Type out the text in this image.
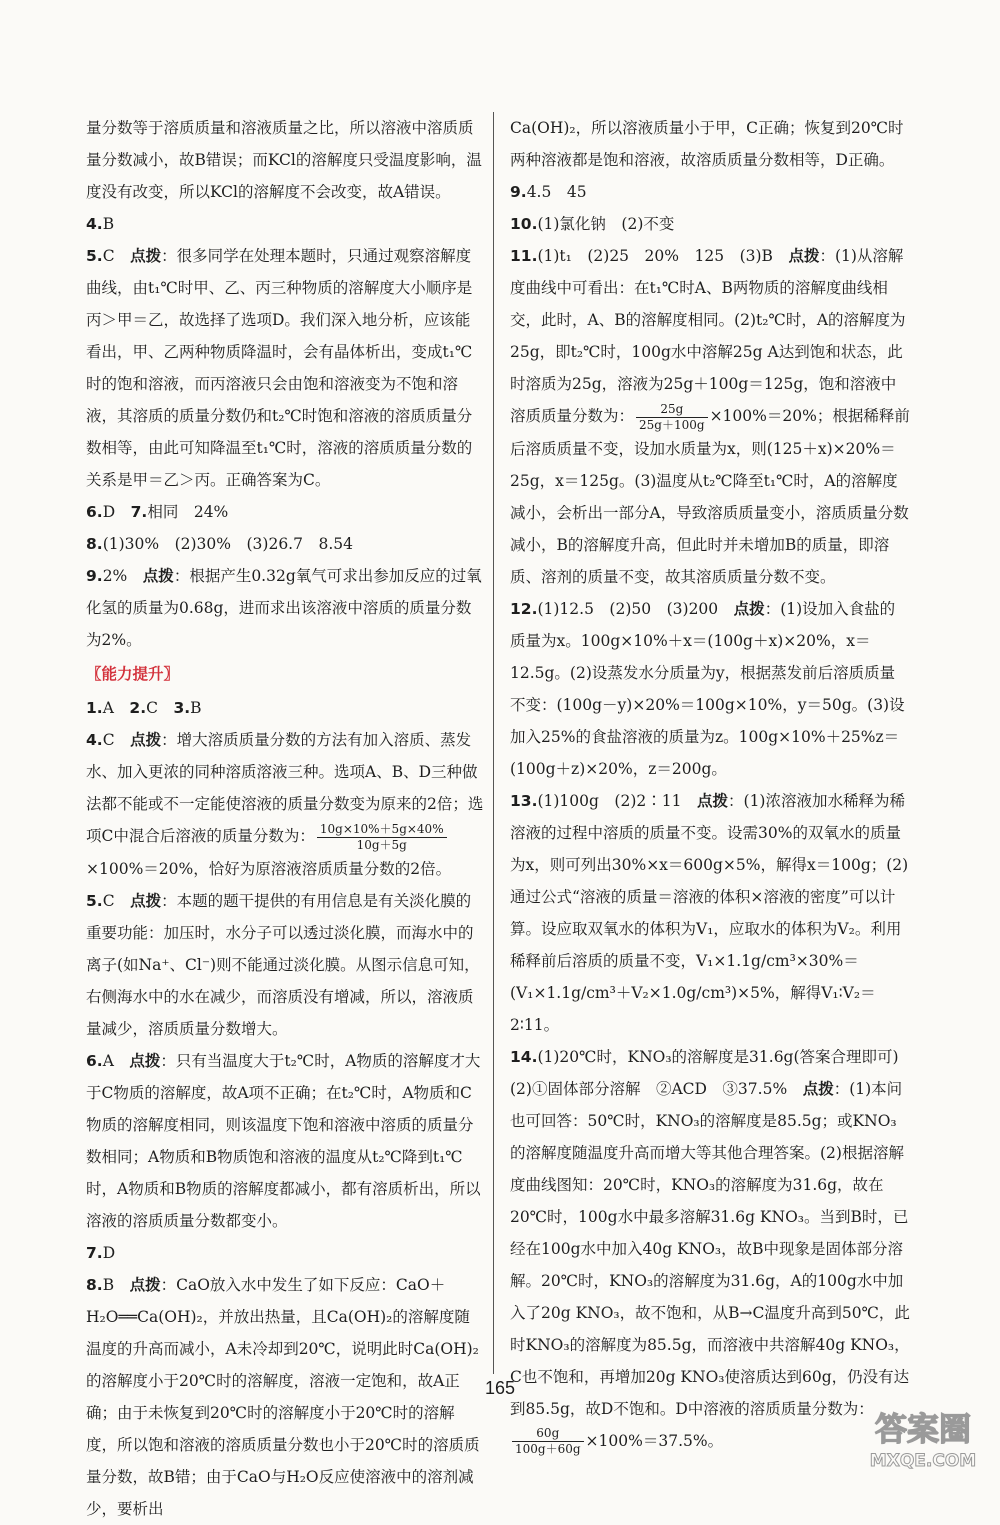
量分数等于溶质质量和溶液质量之比，所以溶液中溶质质量分数减小，故B错误；而KCl的溶解度只受温度影响，温度没有改变，所以KCl的溶解度不会改变，故A错误。

4.B

5.C　 点拨：很多同学在处理本题时，只通过观察溶解度曲线，由t₁℃时甲、乙、丙三种物质的溶解度大小顺序是丙＞甲＝乙，故选择了选项D。我们深入地分析，应该能看出，甲、乙两种物质降温时，会有晶体析出，变成t₁℃时的饱和溶液，而丙溶液只会由饱和溶液变为不饱和溶液，其溶质的质量分数仍和t₂℃时饱和溶液的溶质质量分数相等，由此可知降温至t₁℃时，溶液的溶质质量分数的关系是甲＝乙＞丙。正确答案为C。

6.D　 7.相同　24%

8.(1)30%　(2)30%　(3)26.7　8.54

9.2%　 点拨：根据产生0.32g氧气可求出参加反应的过氧化氢的质量为0.68g，进而求出该溶液中溶质的质量分数为2%。

〖能力提升〗

1.A　 2.C　 3.B

4.C　 点拨：增大溶质质量分数的方法有加入溶质、蒸发水、加入更浓的同种溶质溶液三种。选项A、B、D三种做法都不能或不一定能使溶液的质量分数变为原来的2倍；选项C中混合后溶液的质量分数为： $\frac{10g\times 10\%+5g\times 40\%}{10g+5g}$
×100%＝20%，恰好为原溶液溶质质量分数的2倍。

5.C　 点拨：本题的题干提供的有用信息是有关淡化膜的重要功能：加压时，水分子可以透过淡化膜，而海水中的离子(如Na⁺、Cl⁻)则不能通过淡化膜。从图示信息可知，右侧海水中的水在减少，而溶质没有增减，所以，溶液质量减少，溶质质量分数增大。

6.A　 点拨：只有当温度大于t₂℃时，A物质的溶解度才大于C物质的溶解度，故A项不正确；在t₂℃时，A物质和C物质的溶解度相同，则该温度下饱和溶液中溶质的质量分数相同；A物质和B物质饱和溶液的温度从t₂℃降到t₁℃时，A物质和B物质的溶解度都减小，都有溶质析出，所以溶液的溶质质量分数都变小。

7.D

8.B　 点拨：CaO放入水中发生了如下反应：CaO＋H₂O══Ca(OH)₂，并放出热量，且Ca(OH)₂的溶解度随温度的升高而减小，A未冷却到20℃，说明此时Ca(OH)₂的溶解度小于20℃时的溶解度，溶液一定饱和，故A正确；由于未恢复到20℃时的溶解度小于20℃时的溶解度，所以饱和溶液的溶质质量分数也小于20℃时的溶质质量分数，故B错；由于CaO与H₂O反应使溶液中的溶剂减少，要析出

Ca(OH)₂，所以溶液质量小于甲，C正确；恢复到20℃时两种溶液都是饱和溶液，故溶质质量分数相等，D正确。

9.4.5　45

10.(1)氯化钠　(2)不变

11.(1)t₁　(2)25　20%　125　(3)B　 点拨：(1)从溶解度曲线中可看出：在t₁℃时A、B两物质的溶解度曲线相交，此时，A、B的溶解度相同。(2)t₂℃时，A的溶解度为25g，即t₂℃时，100g水中溶解25g A达到饱和状态，此时溶质为25g，溶液为25g＋100g＝125g，饱和溶液中溶质质量分数为： $\frac{25g}{25g+100g} \times 100\%=20\%$；根据稀释前后溶质质量不变，设加水质量为x，则(125＋x)×20%＝25g，x＝125g。(3)温度从t₂℃降至t₁℃时，A的溶解度减小，会析出一部分A，导致溶质质量变小，溶质质量分数减小，B的溶解度升高，但此时并未增加B的质量，即溶质、溶剂的质量不变，故其溶质质量分数不变。

12.(1)12.5　(2)50　(3)200　 点拨：(1)设加入食盐的质量为x。100g×10%＋x＝(100g＋x)×20%，x＝12.5g。(2)设蒸发水分质量为y，根据蒸发前后溶质质量不变：(100g－y)×20%＝100g×10%，y＝50g。(3)设加入25%的食盐溶液的质量为z。100g×10%＋25%z＝(100g＋z)×20%，z＝200g。

13.(1)100g　(2)2∶11　 点拨：(1)浓溶液加水稀释为稀溶液的过程中溶质的质量不变。设需30%的双氧水的质量为x，则可列出30%×x＝600g×5%，解得x＝100g；(2)通过公式“溶液的质量＝溶液的体积×溶液的密度”可以计算。设应取双氧水的体积为V₁，应取水的体积为V₂。利用稀释前后溶质的质量不变，V₁×1.1g/cm³×30%＝(V₁×1.1g/cm³＋V₂×1.0g/cm³)×5%，解得V₁∶V₂＝2∶11。

14.(1)20℃时，KNO₃的溶解度是31.6g(答案合理即可)

(2)①固体部分溶解　②ACD　③37.5%　 点拨：(1)本问也可回答：50℃时，KNO₃的溶解度是85.5g；或KNO₃的溶解度随温度升高而增大等其他合理答案。(2)根据溶解度曲线图知：20℃时，KNO₃的溶解度为31.6g，故在20℃时，100g水中最多溶解31.6g KNO₃。当到B时，已经在100g水中加入40g KNO₃，故B中现象是固体部分溶解。20℃时，KNO₃的溶解度为31.6g，A的100g水中加入了20g KNO₃，故不饱和，从B→C温度升高到50℃，此时KNO₃的溶解度为85.5g，而溶液中共溶解40g KNO₃，C也不饱和，再增加20g KNO₃使溶质达到60g，仍没有达到85.5g，故D不饱和。D中溶液的溶质质量分数为：
$\frac{60g}{100g+60g} \times 100\%=37.5\%$。

165
答案圈
MXQE.COM
